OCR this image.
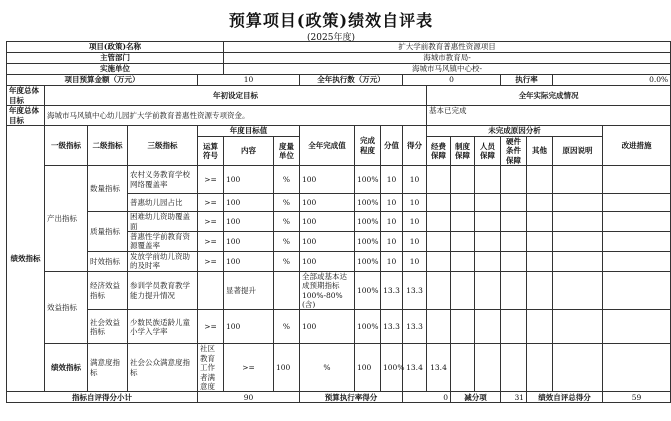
预算项目(政策)绩效自评表
(2025年度)
项目(政策)名称					扩大学前教育普惠性资源项目													
主管部门					海城市教育局-													
实施单位					海城市马风镇中心校-													
项目预算金额（万元）				10			全年执行数（万元）			0				执行率		0.0%		
年度总体目标	年初设定目标										全年实际完成情况							
年度总体目标	海城市马风镇中心幼儿园扩大学前教育普惠性资源专项资金。										基本已完成							
绩效指标	一级指标	二级指标	三级指标	年度目标值			全年完成值	完成程度	分值	得分	未完成原因分析						改进措施	
				运算符号	内容	度量单位					经费保障	制度保障	人员保障	硬件条件保障	其他	原因说明		
	产出指标	数量指标	农村义务教育学校网络覆盖率	>=	100	%	100	100%	10	10								
			普惠幼儿园占比	>=	100	%	100	100%	10	10								
		质量指标	困难幼儿资助覆盖面	>=	100	%	100	100%	10	10								
			普惠性学前教育资源覆盖率	>=	100	%	100	100%	10	10								
		时效指标	发放学前幼儿资助的及时率	>=	100	%	100	100%	10	10								
	效益指标	经济效益指标	参训学员教育教学能力提升情况		显著提升		全部或基本达成预期指标100%-80%(含)	100%	13.3	13.3								
		社会效益指标	少数民族适龄儿童小学入学率	>=	100	%	100	100%	13.3	13.3								
	绩效指标	满意度指标	社会公众满意度指标	社区教育工作者满意度	>=	100	%	100	100%	13.4	13.4							
指标自评得分小计				90			预算执行率得分			0		减分项		31	绩效自评总得分		59	
